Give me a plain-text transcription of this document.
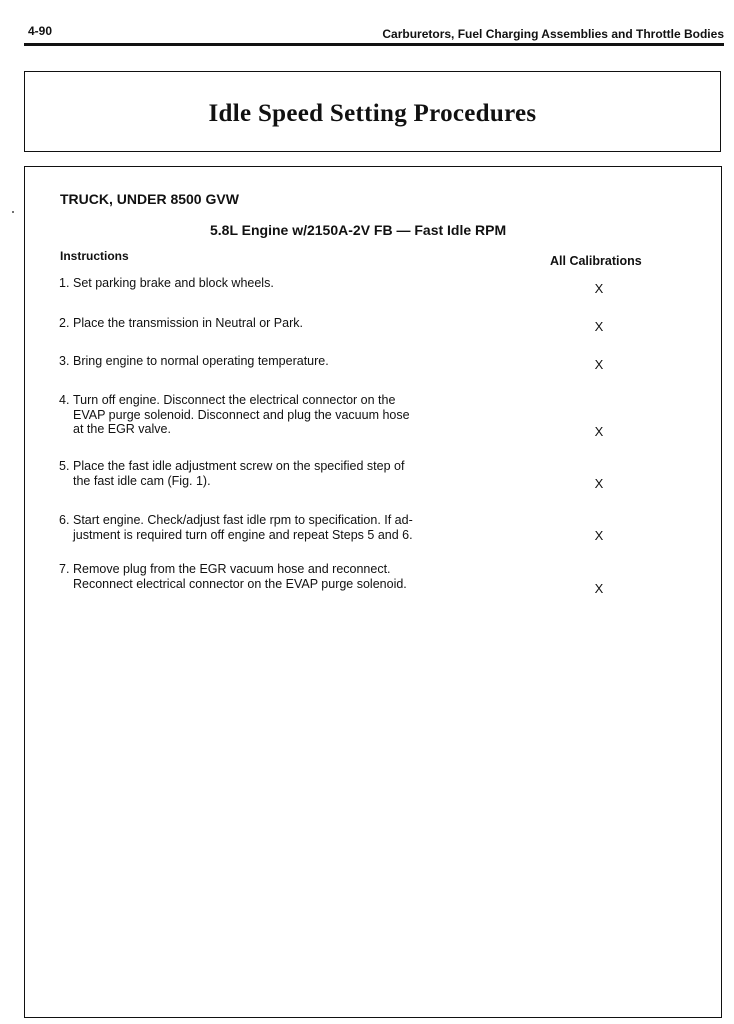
4-90	Carburetors, Fuel Charging Assemblies and Throttle Bodies
Idle Speed Setting Procedures
TRUCK, UNDER 8500 GVW
5.8L Engine w/2150A-2V FB — Fast Idle RPM
Instructions	All Calibrations
1. Set parking brake and block wheels.	X
2. Place the transmission in Neutral or Park.	X
3. Bring engine to normal operating temperature.	X
4. Turn off engine. Disconnect the electrical connector on the
EVAP purge solenoid. Disconnect and plug the vacuum hose
at the EGR valve.	X
5. Place the fast idle adjustment screw on the specified step of
the fast idle cam (Fig. 1).	X
6. Start engine. Check/adjust fast idle rpm to specification. If ad-
justment is required turn off engine and repeat Steps 5 and 6.	X
7. Remove plug from the EGR vacuum hose and reconnect.
Reconnect electrical connector on the EVAP purge solenoid.	X
